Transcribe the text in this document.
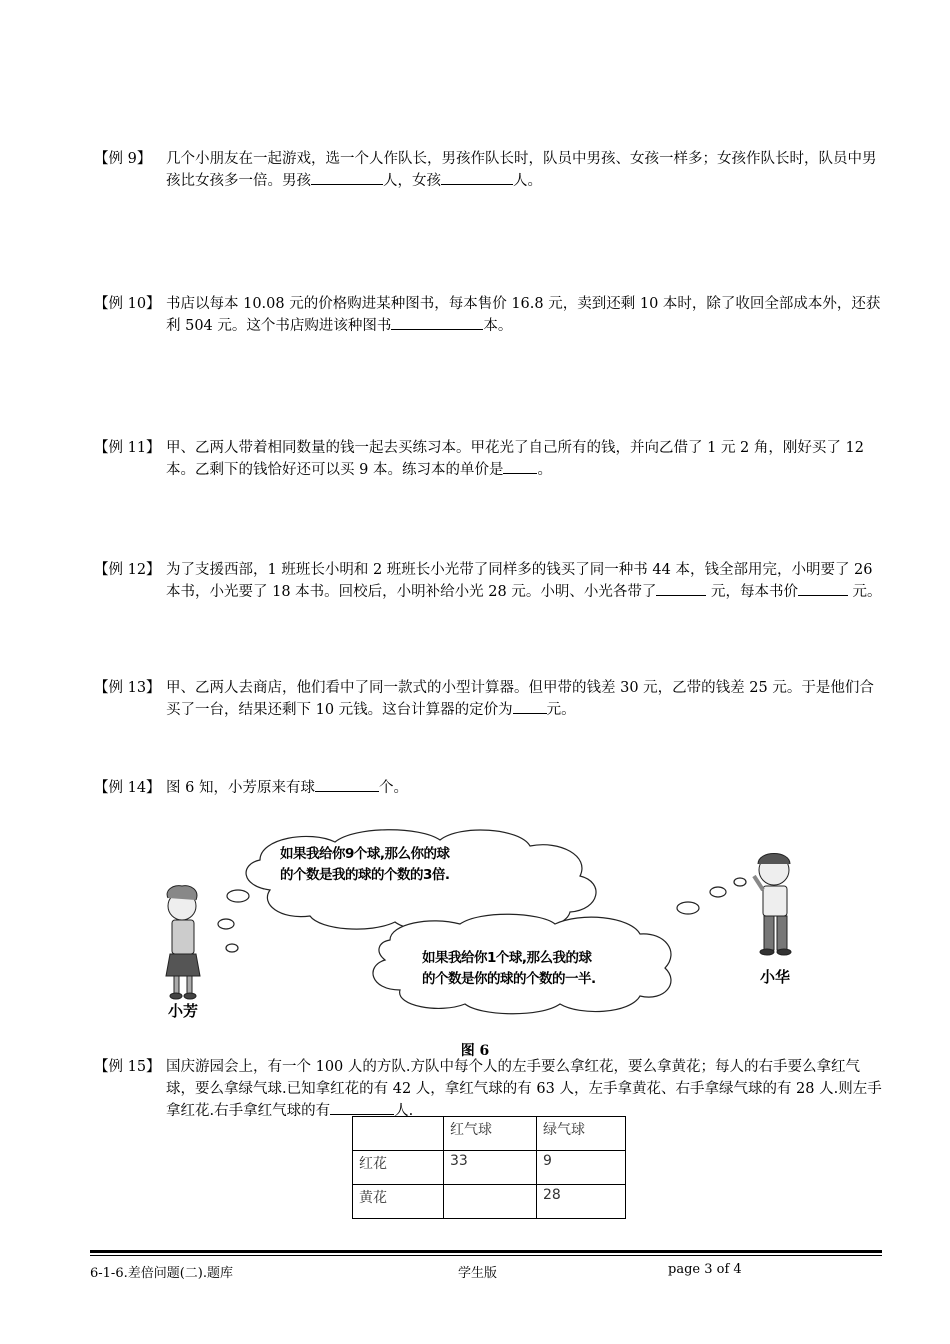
【例 9】 几个小朋友在一起游戏，选一个人作队长，男孩作队长时，队员中男孩、女孩一样多；女孩作队长时，队员中男孩比女孩多一倍。男孩	人，女孩	人。
【例 10】 书店以每本 10.08 元的价格购进某种图书，每本售价 16.8 元，卖到还剩 10 本时，除了收回全部成本外，还获利 504 元。这个书店购进该种图书	本。
【例 11】 甲、乙两人带着相同数量的钱一起去买练习本。甲花光了自己所有的钱，并向乙借了 1 元 2 角，刚好买了 12 本。乙剩下的钱恰好还可以买 9 本。练习本的单价是 。
【例 12】 为了支援西部，1 班班长小明和 2 班班长小光带了同样多的钱买了同一种书 44 本，钱全部用完，小明要了 26 本书，小光要了 18 本书。回校后，小明补给小光 28 元。小明、小光各带了	元，每本书价	元。
【例 13】 甲、乙两人去商店，他们看中了同一款式的小型计算器。但甲带的钱差 30 元，乙带的钱差 25 元。于是他们合买了一台，结果还剩下 10 元钱。这台计算器的定价为 元。
【例 14】 图 6 知，小芳原来有球	个。
如果我给你9个球,那么你的球
的个数是我的球的个数的3倍.
如果我给你1个球,那么我的球
的个数是你的球的个数的一半.
小芳
小华
图 6
【例 15】 国庆游园会上，有一个 100 人的方队.方队中每个人的左手要么拿红花，要么拿黄花；每人的右手要么拿红气球，要么拿绿气球.已知拿红花的有 42 人，拿红气球的有 63 人，左手拿黄花、右手拿绿气球的有 28 人.则左手拿红花.右手拿红气球的有	人.
	红气球	绿气球
红花	33	9
黄花		28
6-1-6.差倍问题(二).题库	学生版	page 3 of 4
